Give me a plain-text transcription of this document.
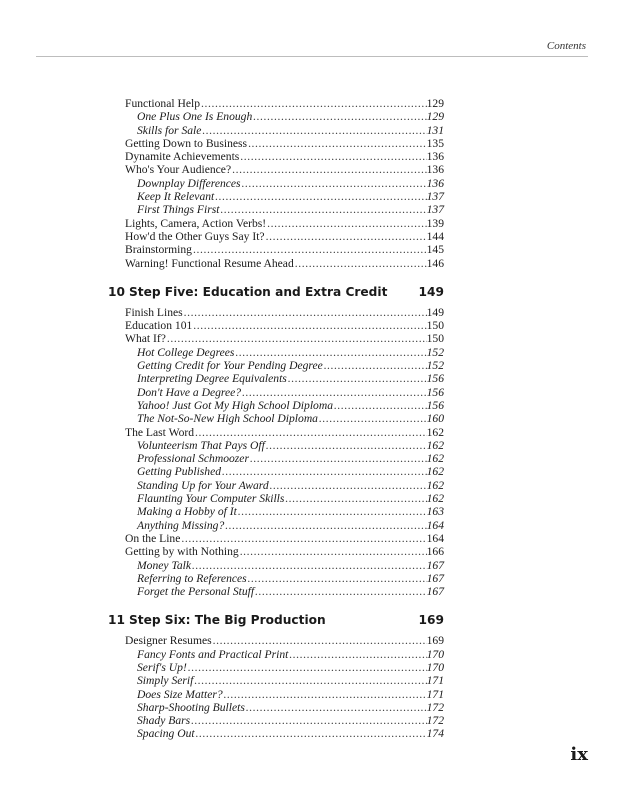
Contents
Functional Help .....	129
One Plus One Is Enough .....	129
Skills for Sale .....	131
Getting Down to Business .....	135
Dynamite Achievements .....	136
Who's Your Audience? .....	136
Downplay Differences .....	136
Keep It Relevant .....	137
First Things First .....	137
Lights, Camera, Action Verbs! .....	139
How'd the Other Guys Say It? .....	144
Brainstorming .....	145
Warning! Functional Resume Ahead .....	146
10 Step Five: Education and Extra Credit	149
Finish Lines .....	149
Education 101 .....	150
What If? .....	150
Hot College Degrees .....	152
Getting Credit for Your Pending Degree .....	152
Interpreting Degree Equivalents .....	156
Don't Have a Degree? .....	156
Yahoo! Just Got My High School Diploma .....	156
The Not-So-New High School Diploma .....	160
The Last Word .....	162
Volunteerism That Pays Off .....	162
Professional Schmoozer .....	162
Getting Published .....	162
Standing Up for Your Award .....	162
Flaunting Your Computer Skills .....	162
Making a Hobby of It .....	163
Anything Missing? .....	164
On the Line .....	164
Getting by with Nothing .....	166
Money Talk .....	167
Referring to References .....	167
Forget the Personal Stuff .....	167
11 Step Six: The Big Production	169
Designer Resumes .....	169
Fancy Fonts and Practical Print .....	170
Serif's Up! .....	170
Simply Serif .....	171
Does Size Matter? .....	171
Sharp-Shooting Bullets .....	172
Shady Bars .....	172
Spacing Out .....	174
ix
